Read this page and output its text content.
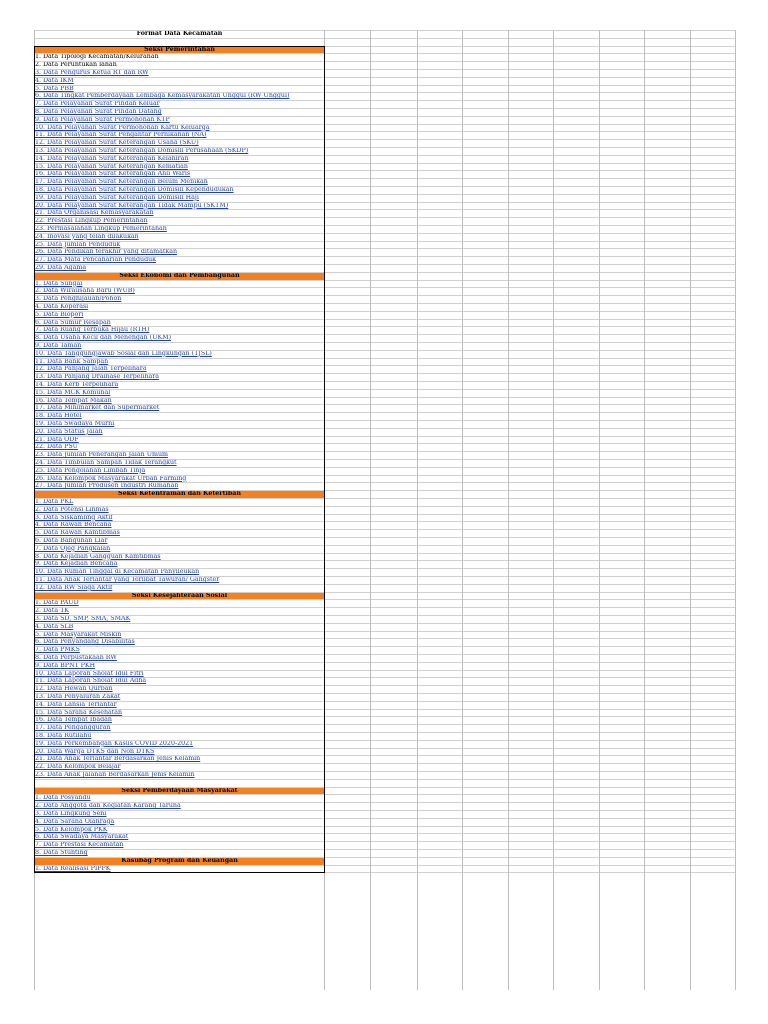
Format Data Kecamatan
Seksi Pemerintahan
1. Data Tipologi Kecamatan/Kelurahan
2. Data Peruntukan lahan
3. Data Pengurus Ketua RT dan RW
4. Data IKM
5. Data PBB
6. Data Tingkat Pemberdayaan Lembaga Kemasyarakatan Unggul (RW Unggul)
7. Data Pelayanan Surat Pindah Keluar
8. Data Pelayanan Surat Pindah Datang
9. Data Pelayanan Surat Permohonan KTP
10. Data Pelayanan Surat Permohonan Kartu Keluarga
11. Data Pelayanan Surat Pengantar Pernikahan (NA)
12. Data Pelayanan Surat Keterangan Usaha (SKU)
13. Data Pelayanan Surat Keterangan Domisili Perusahaan (SKDP)
14. Data Pelayanan Surat Keterangan Kelahiran
15. Data Pelayanan Surat Keterangan Kematian
16. Data Pelayanan Surat Keterangan Ahli Waris
17. Data Pelayanan Surat Keterangan Belum Menikah
18. Data Pelayanan Surat Keterangan Domisili Kependudukan
19. Data Pelayanan Surat Keterangan Domisili Haji
20. Data Pelayanan Surat Keterangan Tidak Mampu (SKTM)
21. Data Organisasi Kemasyarakatan
22. Prestasi Lingkup Pemerintahan
23. Permasalahan Lingkup Pemerintahan
24. Inovasi yang telah dilakukan
25. Data Jumlah Penduduk
26. Data Pendikan terakhir yang ditamatkan
27. Data Mata Pencaharian Penduduk
29. Data Agama
Seksi Ekonomi dan Pembangunan
1. Data Sungai
2. Data Wirausaha Baru (WUB)
3. Data Penghijauan/Pohon
4. Data Koperasi
5. Data Biopori
6. Data Sumur Resapan
7. Data Ruang Terbuka Hijau (RTH)
8. Data Usaha Kecil dan Menengah (UKM)
9. Data Taman
10. Data Tanggungjawab Sosial dan Lingkungan (TJSL)
11. Data Bank Sampah
12. Data Panjang Jalan Terpelihara
13. Data Panjang Drainase Terpelihara
14. Data Kerb Terpelihara
15. Data MCK Komunal
16. Data Tempat Makan
17. Data Minimarket dan Supermarket
18. Data Hotel
19. Data Swadaya Murni
20. Data Status Jalan
21. Data ODF
22. Data PSU
23. Data Jumlah Penerangan Jalan Umum
24. Data Timbulan Sampah Tidak Terangkut
25. Data Pengolahan Limbah Tinja
26. Data Kelompok Masyarakat Urban Farming
27. Data Jumlah Produsen Industri Rumahan
Seksi Ketentraman dan Ketertiban
1. Data PKL
2. Data Potensi Linmas
3. Data Siskamling Aktif
4. Data Rawan Bencana
5. Data Rawan Kamtibmas
6. Data Bangunan Liar
7. Data Ojeg Pangkalan
8. Data Kejadian Gangguan Kamtibmas
9. Data Kejadian Bencana
10. Data Rumah Tinggal di Kecamatan Panyileukan
11. Data Anak Terlantar yang Terlibat Tawuran/ Gangster
12. Data RW Siaga Aktif
Seksi Kesejahteraan Sosial
1. Data PAUD
2. Data TK
3. Data SD, SMP, SMA, SMAK
4. Data SLB
5. Data Masyarakat Miskin
6. Data Penyandang Disabilitas
7. Data PMKS
8. Data Perpustakaan RW
9. Data BPNT PKH
10. Data Laporan Sholat Idul Fitri
11. Data Laporan Sholat Idul Adha
12. Data Hewan Qurban
13. Data Penyaluran Zakat
14. Data Lansia Terlantar
15. Data Sarana Kesehatan
16. Data Tempat Ibadah
17. Data Pengangguran
18. Data Rutilahu
19. Data Perkembangan Kasus COVID 2020-2021
20. Data Warga DTKS dan Non DTKS
21. Data Anak Terlantar Berdasarkan Jenis Kelamin
22. Data Kelompok Belajar
23. Data Anak Jalanan Berdasarkan Jenis Kelamin
Seksi Pemberdayaan Masyarakat
1. Data Posyandu
2. Data Anggota dan Kegiatan Karang Taruna
3. Data Lingkung Seni
4. Data Sarana Olahraga
5. Data Kelompok PKK
6. Data Swadaya Masyarakat
7. Data Prestasi Kecamatan
8. Data Stunting
Kasubag Program dan Keuangan
1. Data Realisasi PIPPK
